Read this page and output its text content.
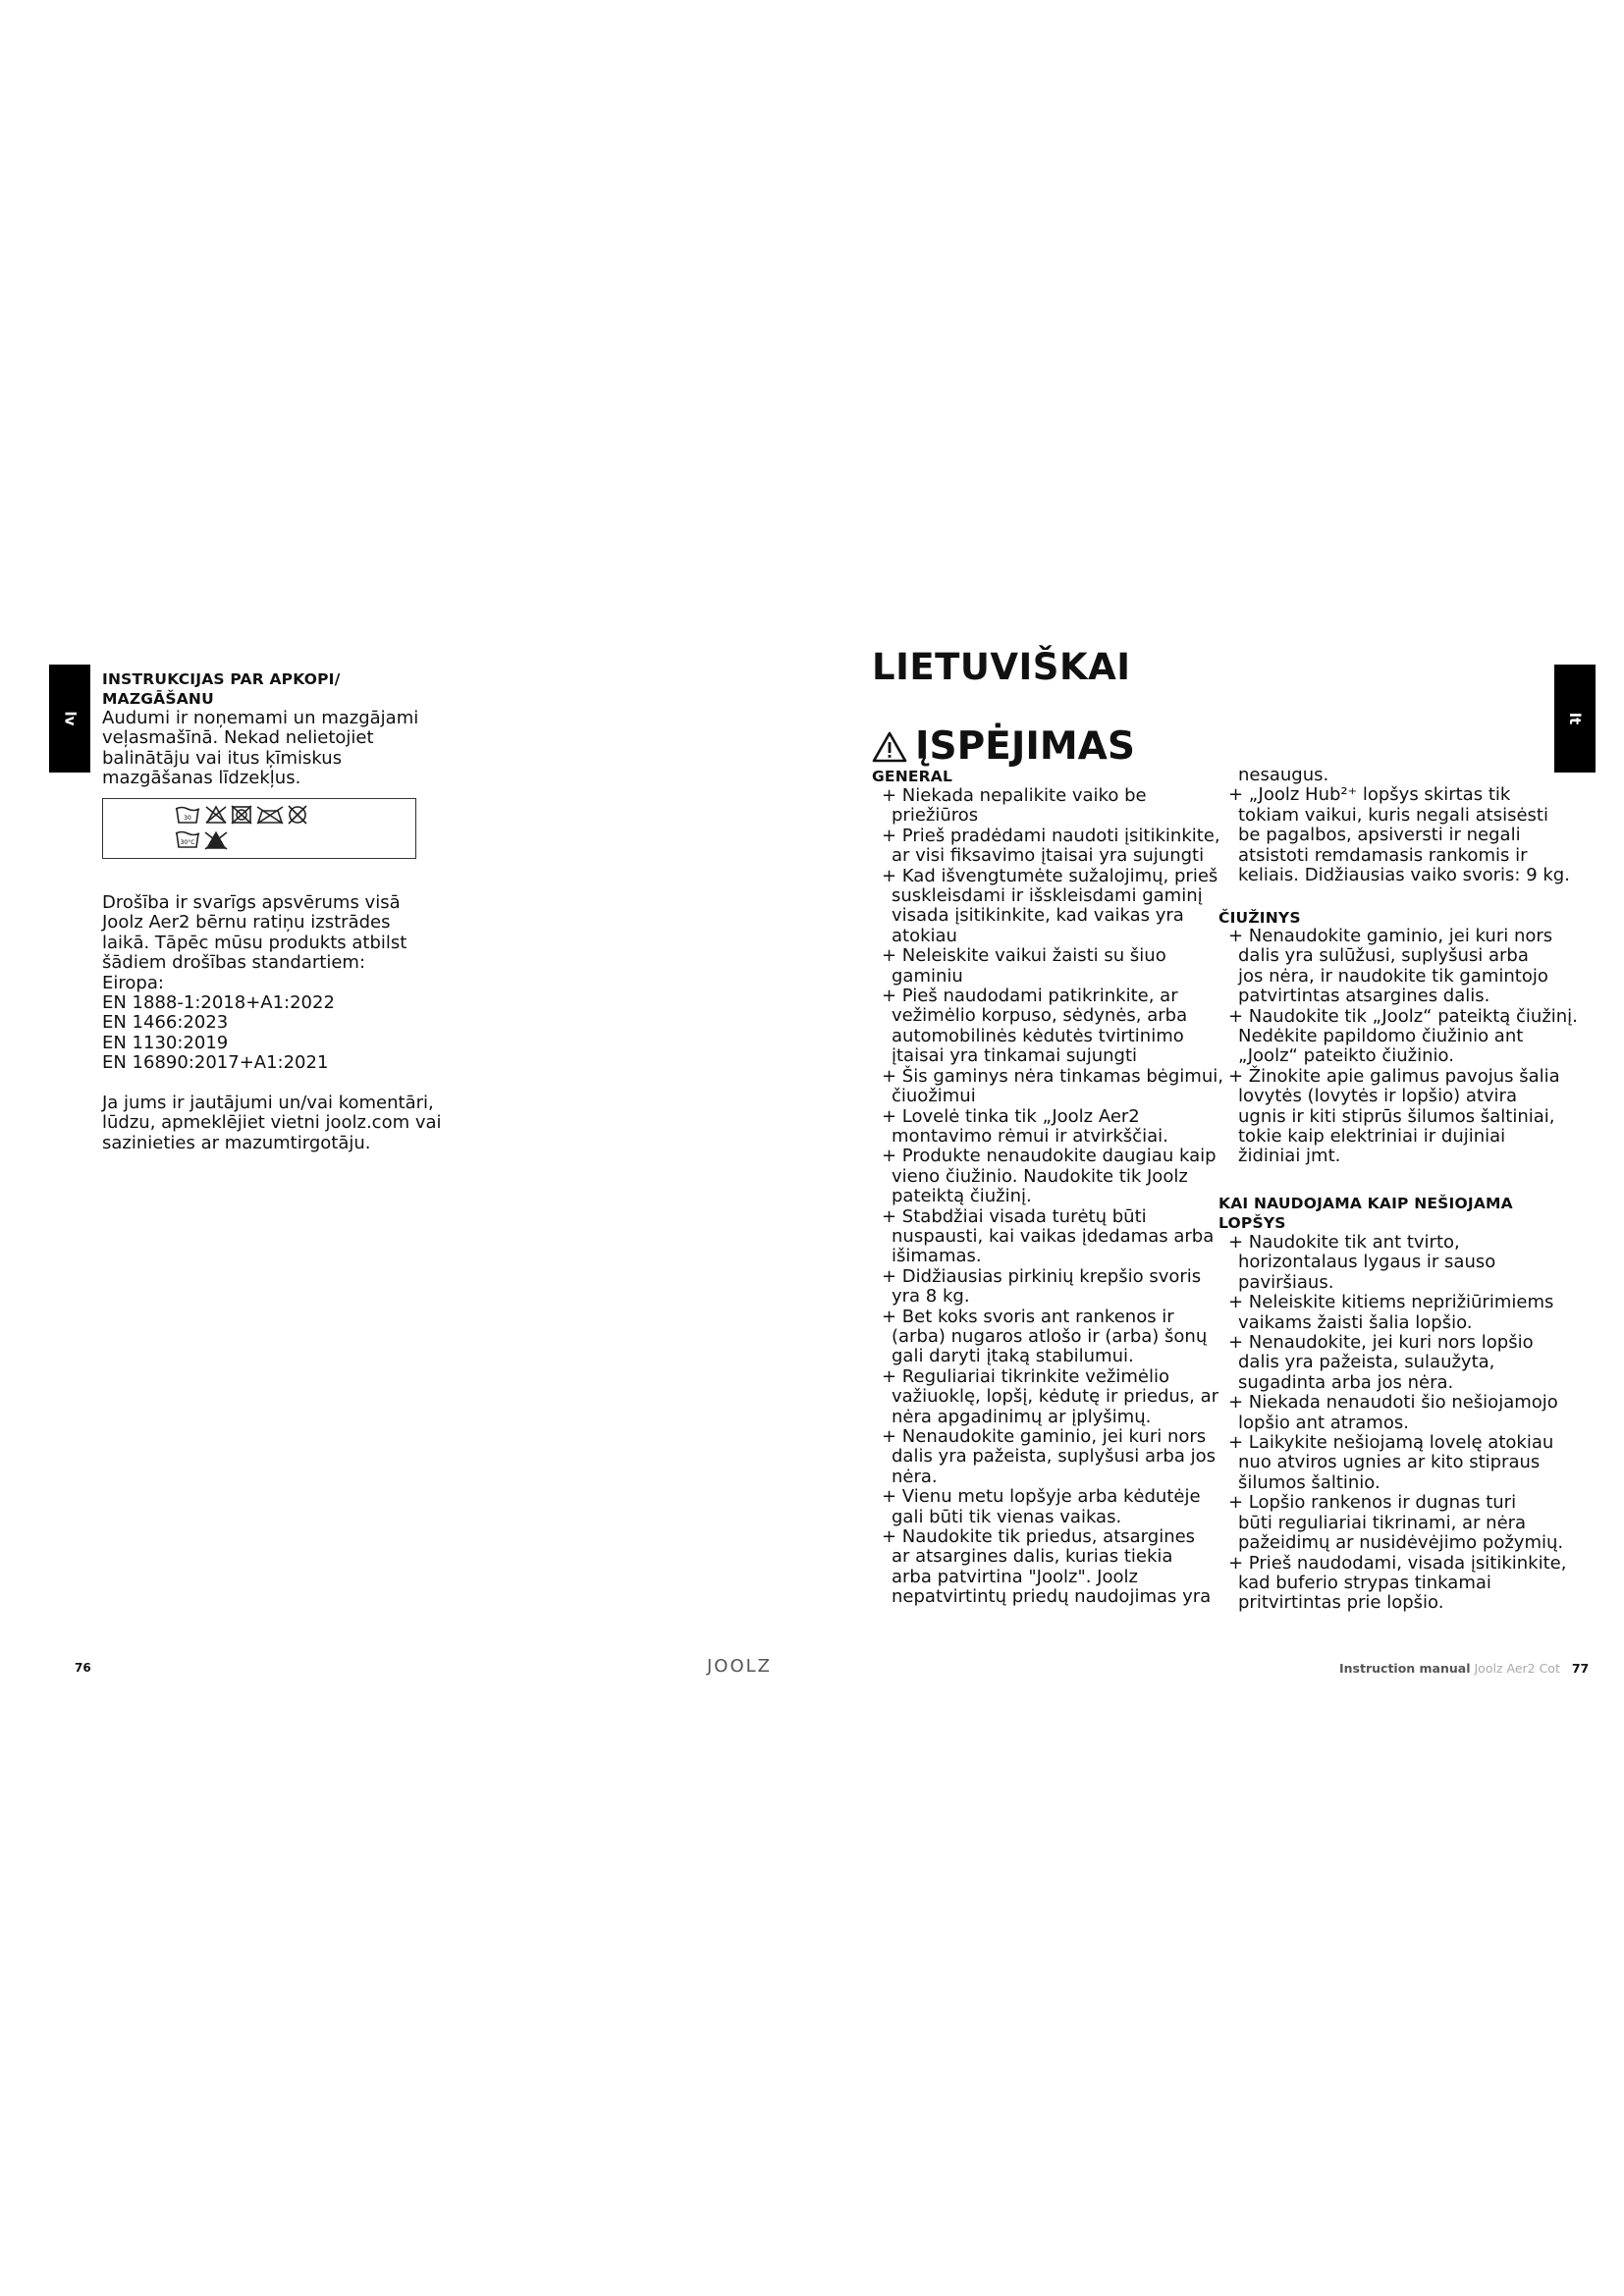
lv
INSTRUKCIJAS PAR APKOPI/
MAZGĀŠANU
Audumi ir noņemami un mazgājami
veļasmašīnā. Nekad nelietojiet
balinātāju vai itus ķīmiskus
mazgāšanas līdzekļus.
30
30°C
Drošība ir svarīgs apsvērums visā
Joolz Aer2 bērnu ratiņu izstrādes
laikā. Tāpēc mūsu produkts atbilst
šādiem drošības standartiem:
Eiropa:
EN 1888-1:2018+A1:2022
EN 1466:2023
EN 1130:2019
EN 16890:2017+A1:2021
Ja jums ir jautājumi un/vai komentāri,
lūdzu, apmeklējiet vietni joolz.com vai
sazinieties ar mazumtirgotāju.
lt
LIETUVIŠKAI
ĮSPĖJIMAS
GENERAL
+ Niekada nepalikite vaiko be
priežiūros
+ Prieš pradėdami naudoti įsitikinkite,
ar visi fiksavimo įtaisai yra sujungti
+ Kad išvengtumėte sužalojimų, prieš
suskleisdami ir išskleisdami gaminį
visada įsitikinkite, kad vaikas yra
atokiau
+ Neleiskite vaikui žaisti su šiuo
gaminiu
+ Pieš naudodami patikrinkite, ar
vežimėlio korpuso, sėdynės, arba
automobilinės kėdutės tvirtinimo
įtaisai yra tinkamai sujungti
+ Šis gaminys nėra tinkamas bėgimui,
čiuožimui
+ Lovelė tinka tik „Joolz Aer2
montavimo rėmui ir atvirkščiai.
+ Produkte nenaudokite daugiau kaip
vieno čiužinio. Naudokite tik Joolz
pateiktą čiužinį.
+ Stabdžiai visada turėtų būti
nuspausti, kai vaikas įdedamas arba
išimamas.
+ Didžiausias pirkinių krepšio svoris
yra 8 kg.
+ Bet koks svoris ant rankenos ir
(arba) nugaros atlošo ir (arba) šonų
gali daryti įtaką stabilumui.
+ Reguliariai tikrinkite vežimėlio
važiuoklę, lopšį, kėdutę ir priedus, ar
nėra apgadinimų ar įplyšimų.
+ Nenaudokite gaminio, jei kuri nors
dalis yra pažeista, suplyšusi arba jos
nėra.
+ Vienu metu lopšyje arba kėdutėje
gali būti tik vienas vaikas.
+ Naudokite tik priedus, atsargines
ar atsargines dalis, kurias tiekia
arba patvirtina "Joolz". Joolz
nepatvirtintų priedų naudojimas yra
nesaugus.
+ „Joolz Hub²⁺ lopšys skirtas tik
tokiam vaikui, kuris negali atsisėsti
be pagalbos, apsiversti ir negali
atsistoti remdamasis rankomis ir
keliais. Didžiausias vaiko svoris: 9 kg.
ČIUŽINYS
+ Nenaudokite gaminio, jei kuri nors
dalis yra sulūžusi, suplyšusi arba
jos nėra, ir naudokite tik gamintojo
patvirtintas atsargines dalis.
+ Naudokite tik „Joolz“ pateiktą čiužinį.
Nedėkite papildomo čiužinio ant
„Joolz“ pateikto čiužinio.
+ Žinokite apie galimus pavojus šalia
lovytės (lovytės ir lopšio) atvira
ugnis ir kiti stiprūs šilumos šaltiniai,
tokie kaip elektriniai ir dujiniai
židiniai jmt.
KAI NAUDOJAMA KAIP NEŠIOJAMA
LOPŠYS
+ Naudokite tik ant tvirto,
horizontalaus lygaus ir sauso
paviršiaus.
+ Neleiskite kitiems neprižiūrimiems
vaikams žaisti šalia lopšio.
+ Nenaudokite, jei kuri nors lopšio
dalis yra pažeista, sulaužyta,
sugadinta arba jos nėra.
+ Niekada nenaudoti šio nešiojamojo
lopšio ant atramos.
+ Laikykite nešiojamą lovelę atokiau
nuo atviros ugnies ar kito stipraus
šilumos šaltinio.
+ Lopšio rankenos ir dugnas turi
būti reguliariai tikrinami, ar nėra
pažeidimų ar nusidėvėjimo požymių.
+ Prieš naudodami, visada įsitikinkite,
kad buferio strypas tinkamai
pritvirtintas prie lopšio.
76	JOOLZ	Instruction manual Joolz Aer2 Cot 77
